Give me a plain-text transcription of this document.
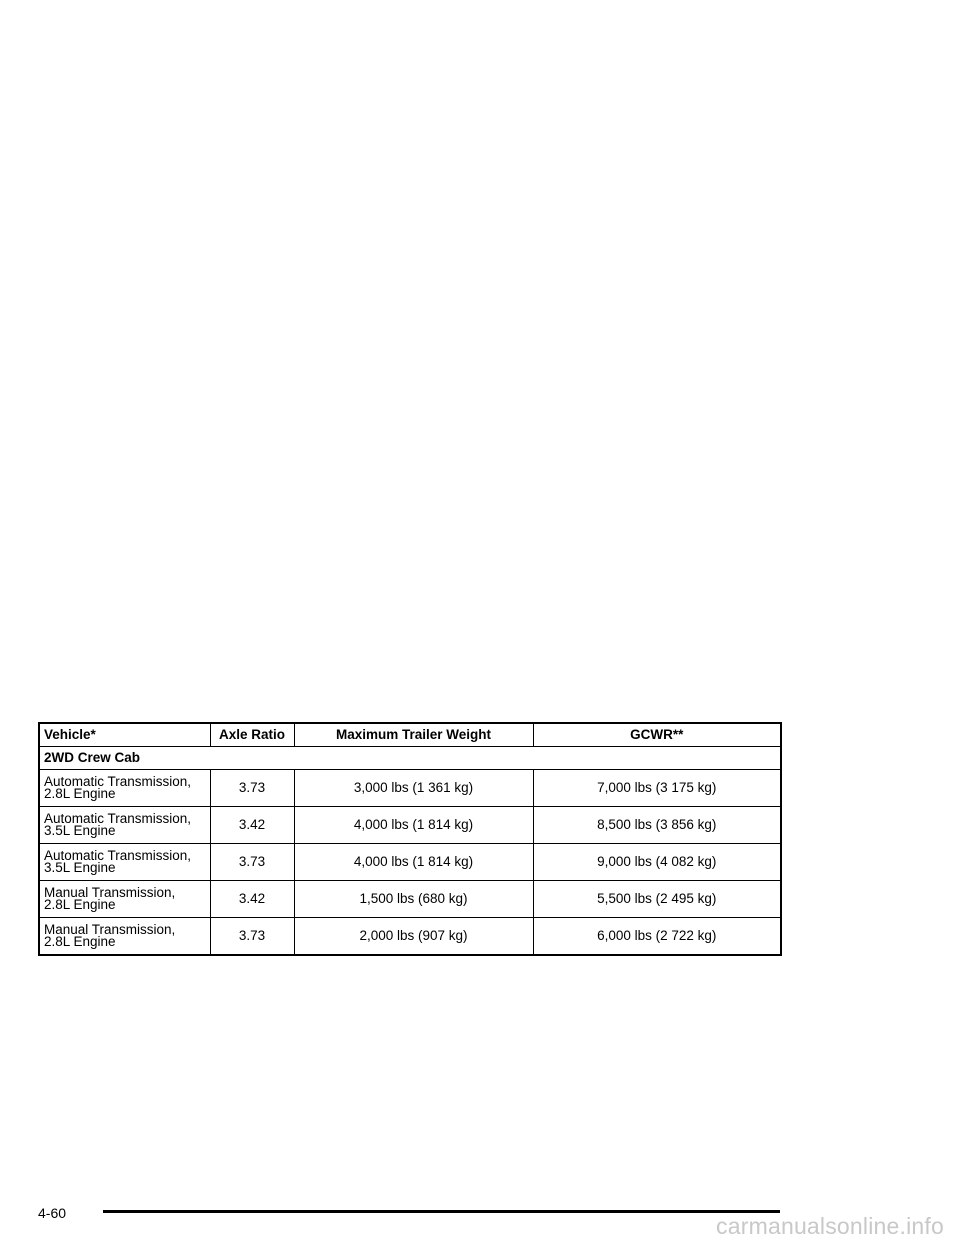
Vehicle*	Axle Ratio	Maximum Trailer Weight	GCWR**
2WD Crew Cab			

Automatic Transmission,
2.8L Engine	3.73	3,000 lbs (1 361 kg)	7,000 lbs (3 175 kg)

Automatic Transmission,
3.5L Engine	3.42	4,000 lbs (1 814 kg)	8,500 lbs (3 856 kg)

Automatic Transmission,
3.5L Engine	3.73	4,000 lbs (1 814 kg)	9,000 lbs (4 082 kg)

Manual Transmission,
2.8L Engine	3.42	1,500 lbs (680 kg)	5,500 lbs (2 495 kg)

Manual Transmission,
2.8L Engine	3.73	2,000 lbs (907 kg)	6,000 lbs (2 722 kg)
4-60	carmanualsonline.info
